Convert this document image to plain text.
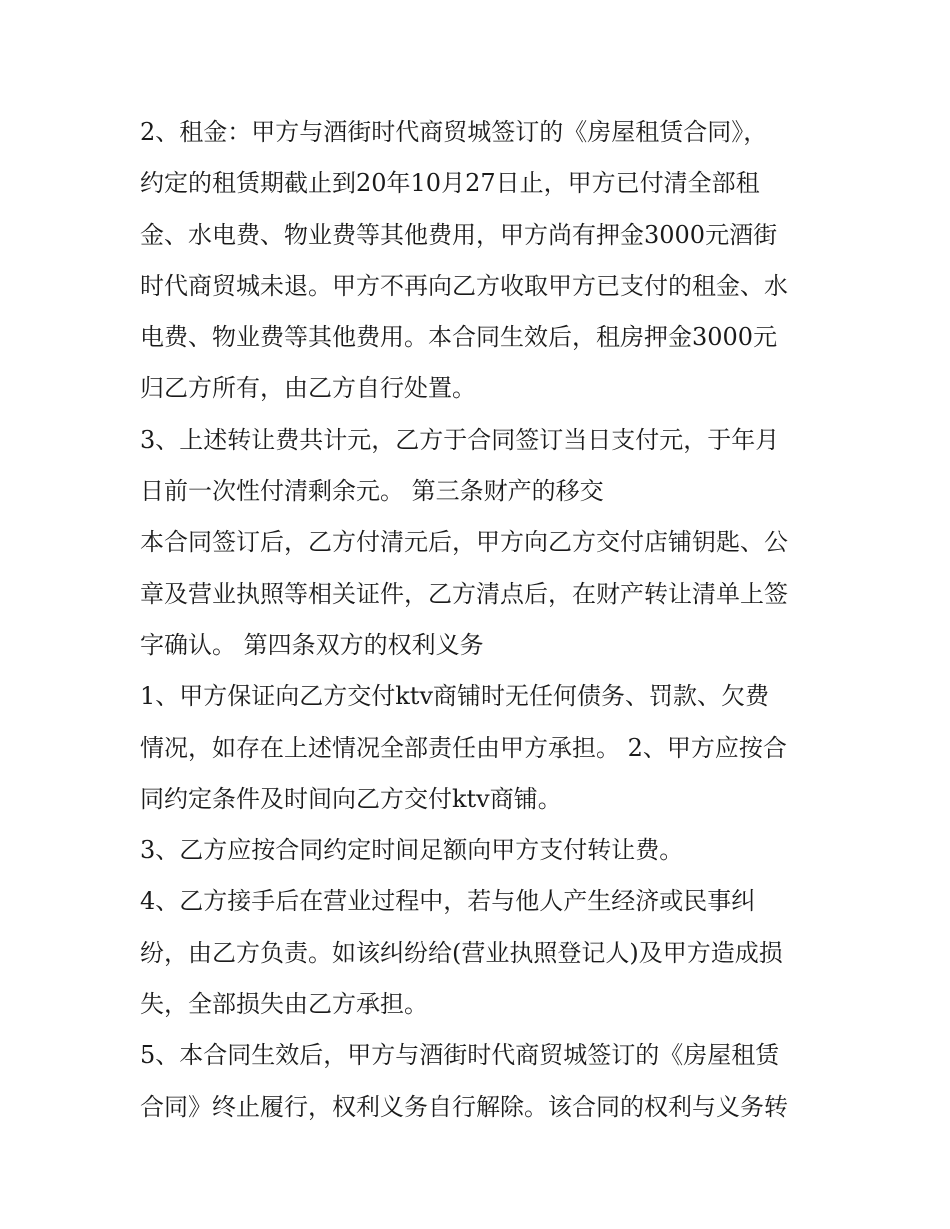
2、租金：甲方与酒街时代商贸城签订的《房屋租赁合同》，
约定的租赁期截止到20年10月27日止，甲方已付清全部租
金、水电费、物业费等其他费用，甲方尚有押金3000元酒街
时代商贸城未退。甲方不再向乙方收取甲方已支付的租金、水
电费、物业费等其他费用。本合同生效后，租房押金3000元
归乙方所有，由乙方自行处置。
3、上述转让费共计元，乙方于合同签订当日支付元，于年月
日前一次性付清剩余元。 第三条财产的移交
本合同签订后，乙方付清元后，甲方向乙方交付店铺钥匙、公
章及营业执照等相关证件，乙方清点后，在财产转让清单上签
字确认。 第四条双方的权利义务
1、甲方保证向乙方交付ktv商铺时无任何债务、罚款、欠费
情况，如存在上述情况全部责任由甲方承担。 2、甲方应按合
同约定条件及时间向乙方交付ktv商铺。
3、乙方应按合同约定时间足额向甲方支付转让费。
4、乙方接手后在营业过程中，若与他人产生经济或民事纠
纷，由乙方负责。如该纠纷给(营业执照登记人)及甲方造成损
失，全部损失由乙方承担。
5、本合同生效后，甲方与酒街时代商贸城签订的《房屋租赁
合同》终止履行，权利义务自行解除。该合同的权利与义务转
